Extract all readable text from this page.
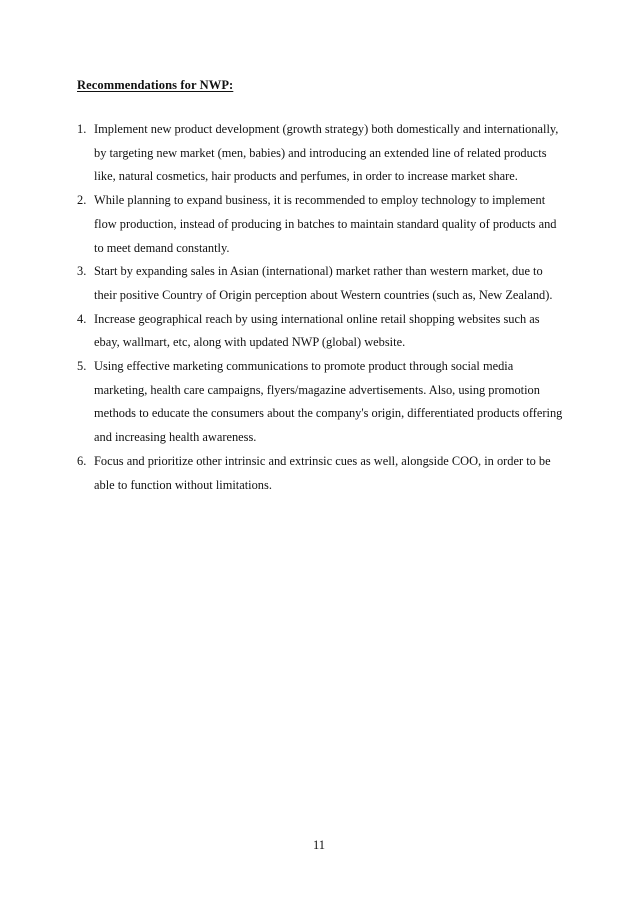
Recommendations for NWP:
1. Implement new product development (growth strategy) both domestically and internationally, by targeting new market (men, babies) and introducing an extended line of related products like, natural cosmetics, hair products and perfumes, in order to increase market share.
2. While planning to expand business, it is recommended to employ technology to implement flow production, instead of producing in batches to maintain standard quality of products and to meet demand constantly.
3. Start by expanding sales in Asian (international) market rather than western market, due to their positive Country of Origin perception about Western countries (such as, New Zealand).
4. Increase geographical reach by using international online retail shopping websites such as ebay, wallmart, etc, along with updated NWP (global) website.
5. Using effective marketing communications to promote product through social media marketing, health care campaigns, flyers/magazine advertisements. Also, using promotion methods to educate the consumers about the company's origin, differentiated products offering and increasing health awareness.
6. Focus and prioritize other intrinsic and extrinsic cues as well, alongside COO, in order to be able to function without limitations.
11
